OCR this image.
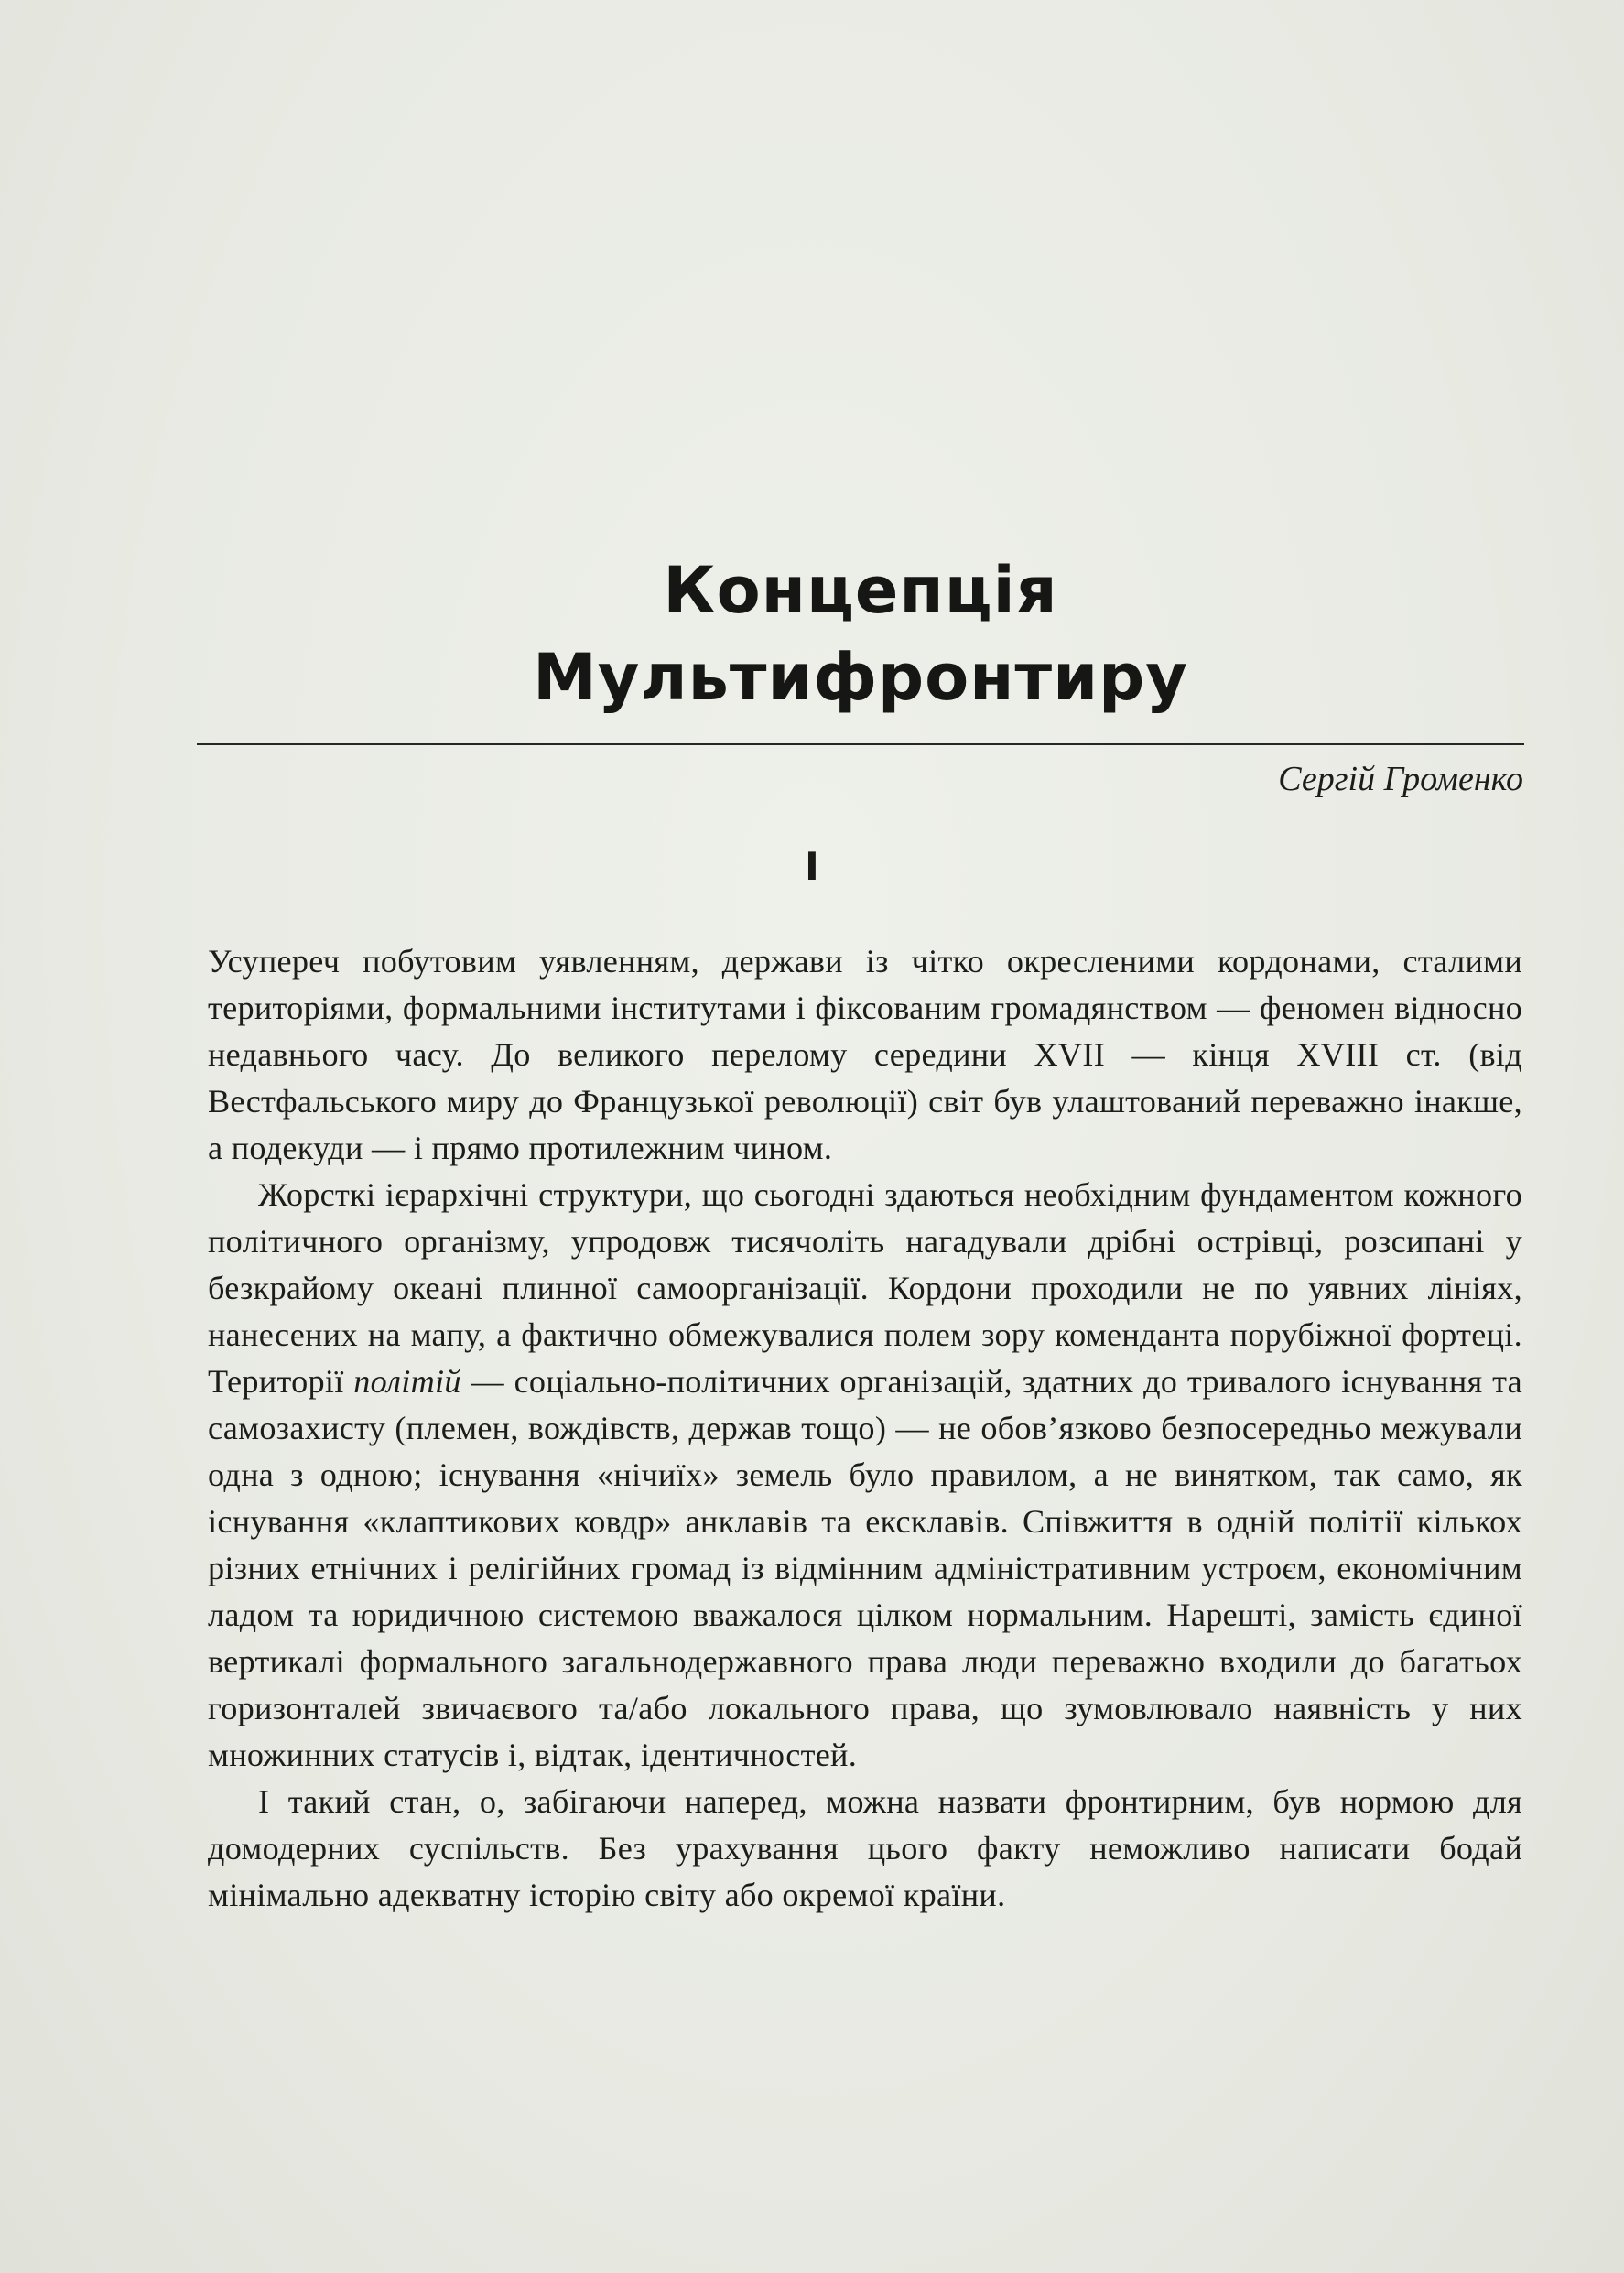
Концепція
Мультифронтиру
Сергій Громенко
I

Усупереч побутовим уявленням, держави із чітко окресленими кордонами, сталими територіями, формальними інститутами і фіксованим громадянством — феномен відносно недавнього часу. До великого перелому середини XVII — кінця XVIII ст. (від Вестфальського миру до Французької революції) світ був улаштований переважно інакше, а подекуди — і прямо протилежним чином.

Жорсткі ієрархічні структури, що сьогодні здаються необхідним фундаментом кожного політичного організму, упродовж тисячоліть нагадували дрібні острівці, розсипані у безкрайому океані плинної самоорганізації. Кордони проходили не по уявних лініях, нанесених на мапу, а фактично обмежувалися полем зору коменданта порубіжної фортеці. Території політій — соціально-політичних організацій, здатних до тривалого існування та самозахисту (племен, вождівств, держав тощо) — не обов’язково безпосередньо межували одна з одною; існування «нічиїх» земель було правилом, а не винятком, так само, як існування «клаптикових ковдр» анклавів та ексклавів. Співжиття в одній політії кількох різних етнічних і релігійних громад із відмінним адміністративним устроєм, економічним ладом та юридичною системою вважалося цілком нормальним. Нарешті, замість єдиної вертикалі формального загальнодержавного права люди переважно входили до багатьох горизонталей звичаєвого та/або локального права, що зумовлювало наявність у них множинних статусів і, відтак, ідентичностей.

І такий стан, о, забігаючи наперед, можна назвати фронтирним, був нормою для домодерних суспільств. Без урахування цього факту неможливо написати бодай мінімально адекватну історію світу або окремої країни.
